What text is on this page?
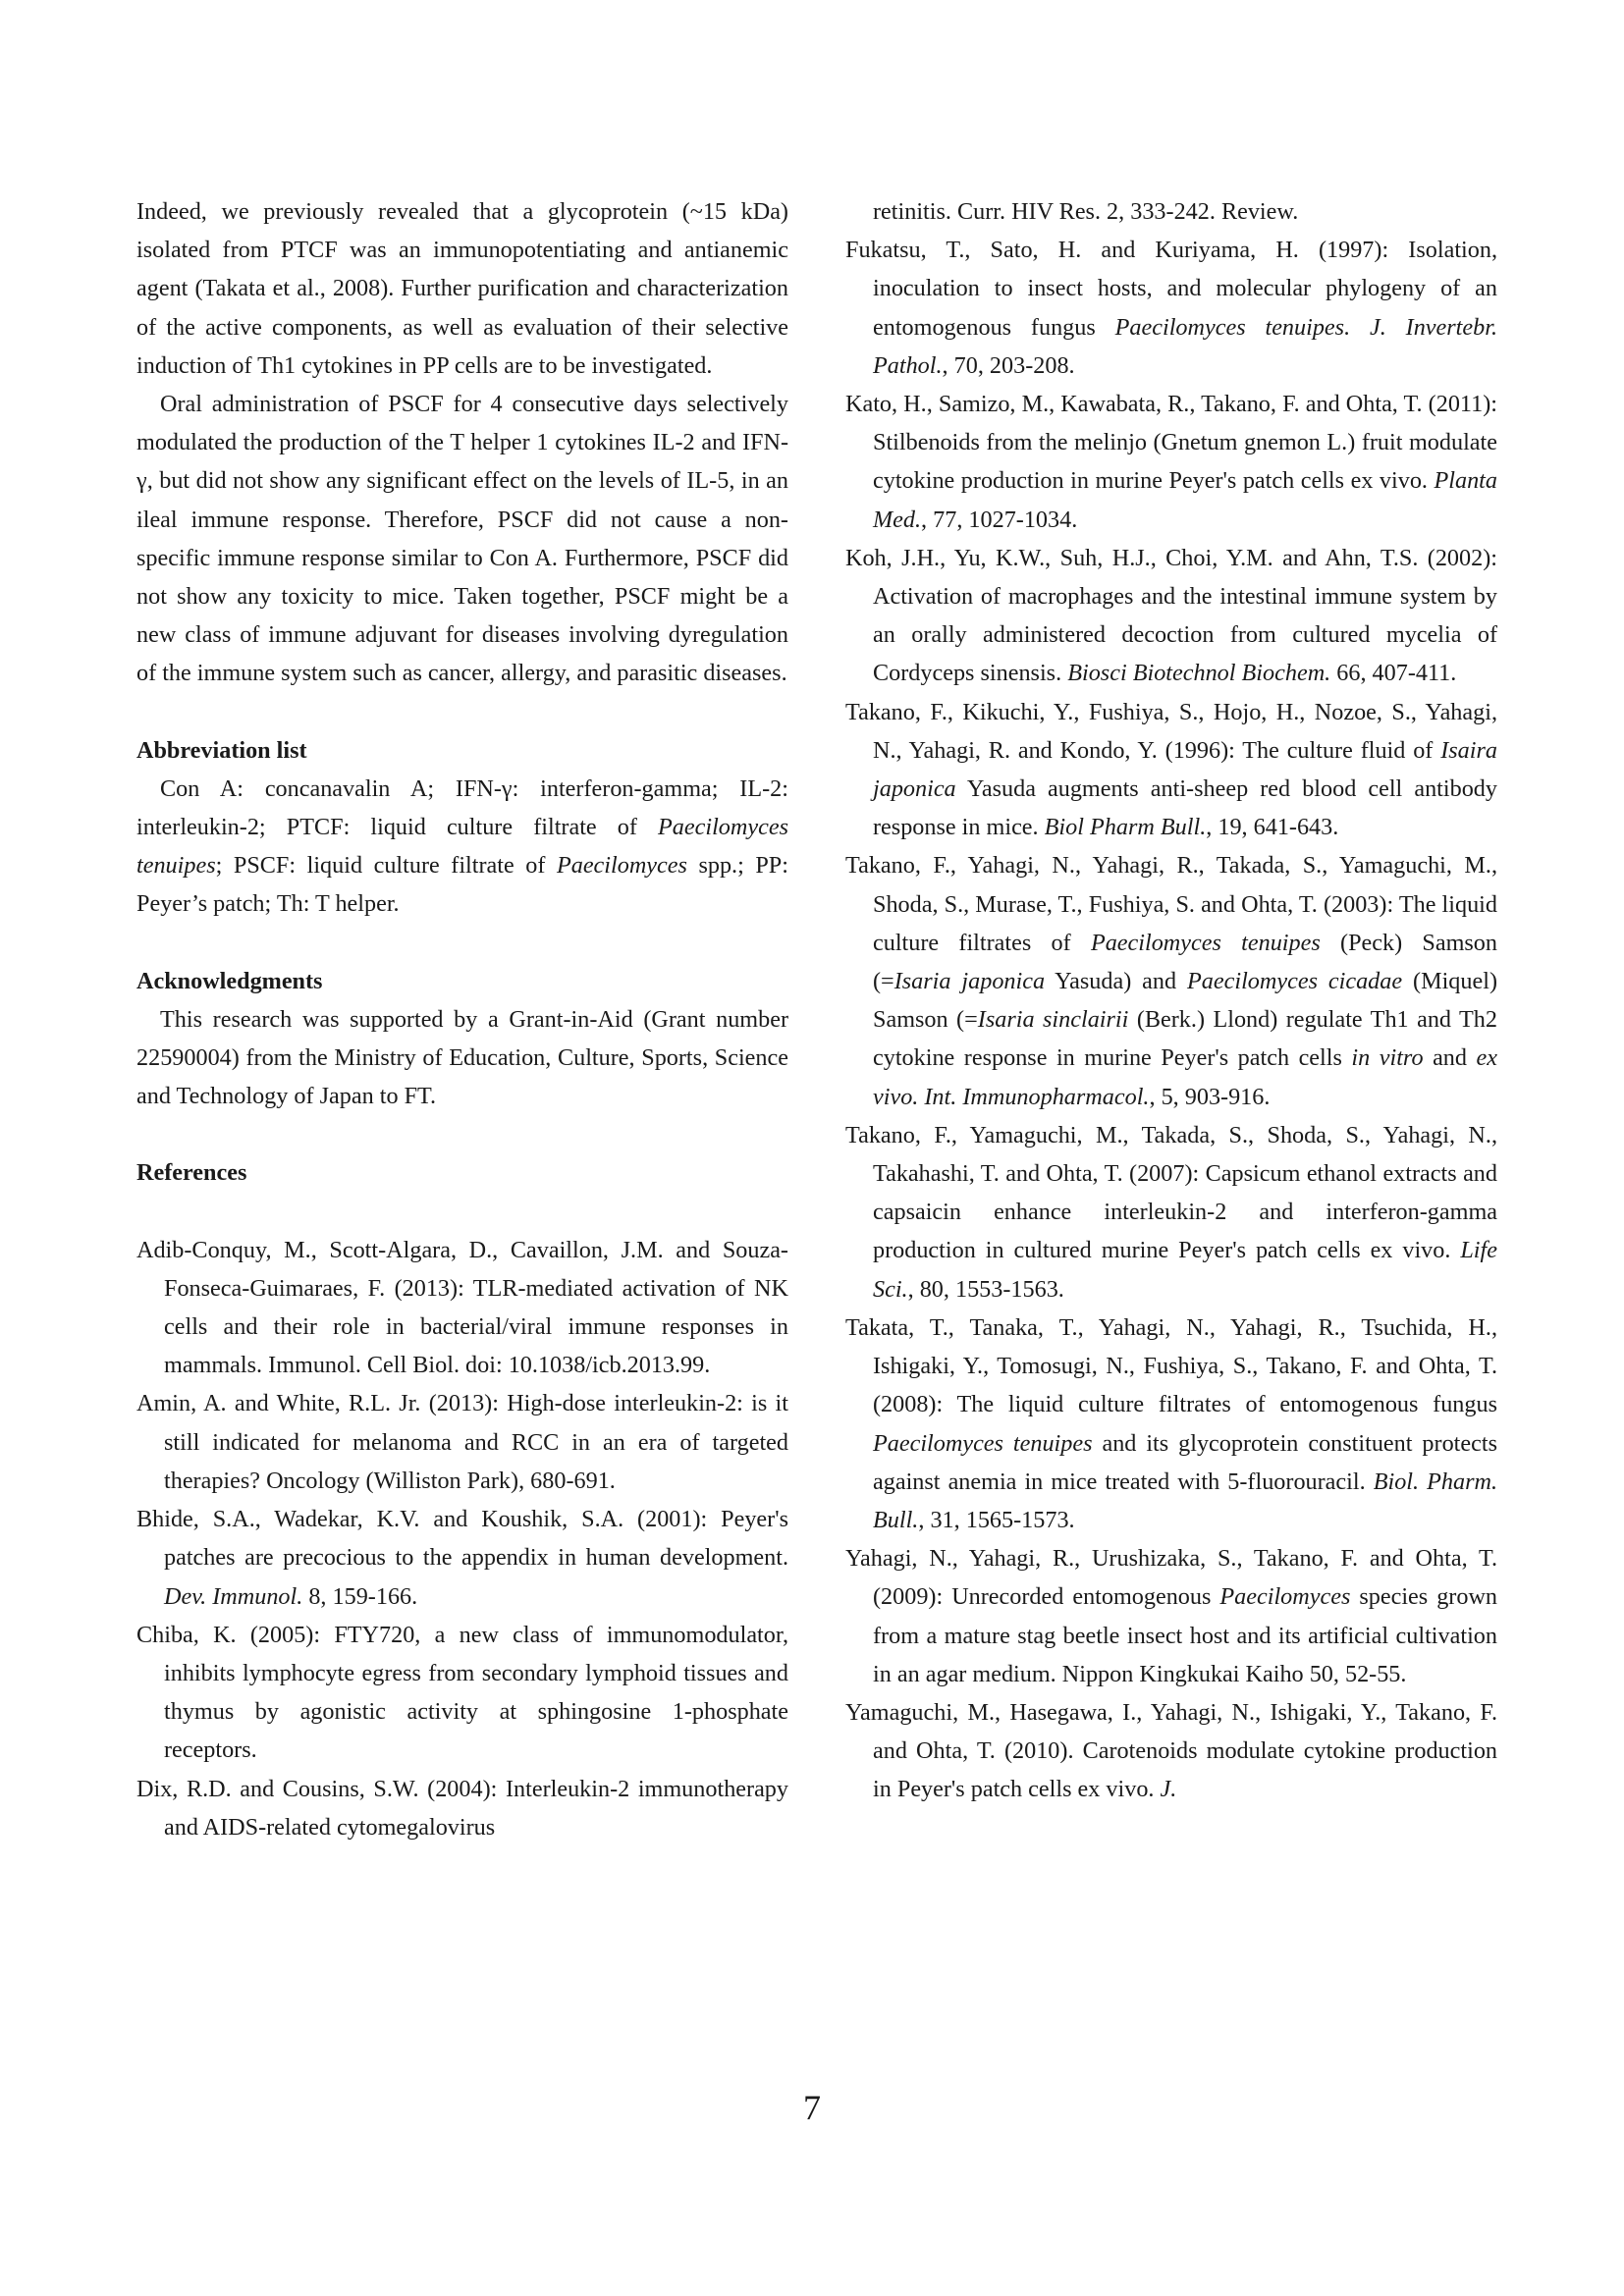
Indeed, we previously revealed that a glycoprotein (~15 kDa) isolated from PTCF was an immunopotentiating and antianemic agent (Takata et al., 2008). Further purification and characterization of the active components, as well as evaluation of their selective induction of Th1 cytokines in PP cells are to be investigated.

Oral administration of PSCF for 4 consecutive days selectively modulated the production of the T helper 1 cytokines IL-2 and IFN-γ, but did not show any significant effect on the levels of IL-5, in an ileal immune response. Therefore, PSCF did not cause a non-specific immune response similar to Con A. Furthermore, PSCF did not show any toxicity to mice. Taken together, PSCF might be a new class of immune adjuvant for diseases involving dyregulation of the immune system such as cancer, allergy, and parasitic diseases.

Abbreviation list

Con A: concanavalin A; IFN-γ: interferon-gamma; IL-2: interleukin-2; PTCF: liquid culture filtrate of Paecilomyces tenuipes; PSCF: liquid culture filtrate of Paecilomyces spp.; PP: Peyer’s patch; Th: T helper.

Acknowledgments

This research was supported by a Grant-in-Aid (Grant number 22590004) from the Ministry of Education, Culture, Sports, Science and Technology of Japan to FT.

References

Adib-Conquy, M., Scott-Algara, D., Cavaillon, J.M. and Souza-Fonseca-Guimaraes, F. (2013): TLR-mediated activation of NK cells and their role in bacterial/viral immune responses in mammals. Immunol. Cell Biol. doi: 10.1038/icb.2013.99.

Amin, A. and White, R.L. Jr. (2013): High-dose interleukin-2: is it still indicated for melanoma and RCC in an era of targeted therapies? Oncology (Williston Park), 680-691.

Bhide, S.A., Wadekar, K.V. and Koushik, S.A. (2001): Peyer's patches are precocious to the appendix in human development. Dev. Immunol. 8, 159-166.

Chiba, K. (2005): FTY720, a new class of immunomodulator, inhibits lymphocyte egress from secondary lymphoid tissues and thymus by agonistic activity at sphingosine 1-phosphate receptors.

Dix, R.D. and Cousins, S.W. (2004): Interleukin-2 immunotherapy and AIDS-related cytomegalovirus

retinitis. Curr. HIV Res. 2, 333-242. Review.

Fukatsu, T., Sato, H. and Kuriyama, H. (1997): Isolation, inoculation to insect hosts, and molecular phylogeny of an entomogenous fungus Paecilomyces tenuipes. J. Invertebr. Pathol., 70, 203-208.

Kato, H., Samizo, M., Kawabata, R., Takano, F. and Ohta, T. (2011): Stilbenoids from the melinjo (Gnetum gnemon L.) fruit modulate cytokine production in murine Peyer's patch cells ex vivo. Planta Med., 77, 1027-1034.

Koh, J.H., Yu, K.W., Suh, H.J., Choi, Y.M. and Ahn, T.S. (2002): Activation of macrophages and the intestinal immune system by an orally administered decoction from cultured mycelia of Cordyceps sinensis. Biosci Biotechnol Biochem. 66, 407-411.

Takano, F., Kikuchi, Y., Fushiya, S., Hojo, H., Nozoe, S., Yahagi, N., Yahagi, R. and Kondo, Y. (1996): The culture fluid of Isaira japonica Yasuda augments anti-sheep red blood cell antibody response in mice. Biol Pharm Bull., 19, 641-643.

Takano, F., Yahagi, N., Yahagi, R., Takada, S., Yamaguchi, M., Shoda, S., Murase, T., Fushiya, S. and Ohta, T. (2003): The liquid culture filtrates of Paecilomyces tenuipes (Peck) Samson (=Isaria japonica Yasuda) and Paecilomyces cicadae (Miquel) Samson (=Isaria sinclairii (Berk.) Llond) regulate Th1 and Th2 cytokine response in murine Peyer's patch cells in vitro and ex vivo. Int. Immunopharmacol., 5, 903-916.

Takano, F., Yamaguchi, M., Takada, S., Shoda, S., Yahagi, N., Takahashi, T. and Ohta, T. (2007): Capsicum ethanol extracts and capsaicin enhance interleukin-2 and interferon-gamma production in cultured murine Peyer's patch cells ex vivo. Life Sci., 80, 1553-1563.

Takata, T., Tanaka, T., Yahagi, N., Yahagi, R., Tsuchida, H., Ishigaki, Y., Tomosugi, N., Fushiya, S., Takano, F. and Ohta, T. (2008): The liquid culture filtrates of entomogenous fungus Paecilomyces tenuipes and its glycoprotein constituent protects against anemia in mice treated with 5-fluorouracil. Biol. Pharm. Bull., 31, 1565-1573.

Yahagi, N., Yahagi, R., Urushizaka, S., Takano, F. and Ohta, T. (2009): Unrecorded entomogenous Paecilomyces species grown from a mature stag beetle insect host and its artificial cultivation in an agar medium. Nippon Kingkukai Kaiho 50, 52-55.

Yamaguchi, M., Hasegawa, I., Yahagi, N., Ishigaki, Y., Takano, F. and Ohta, T. (2010). Carotenoids modulate cytokine production in Peyer's patch cells ex vivo. J.

7
